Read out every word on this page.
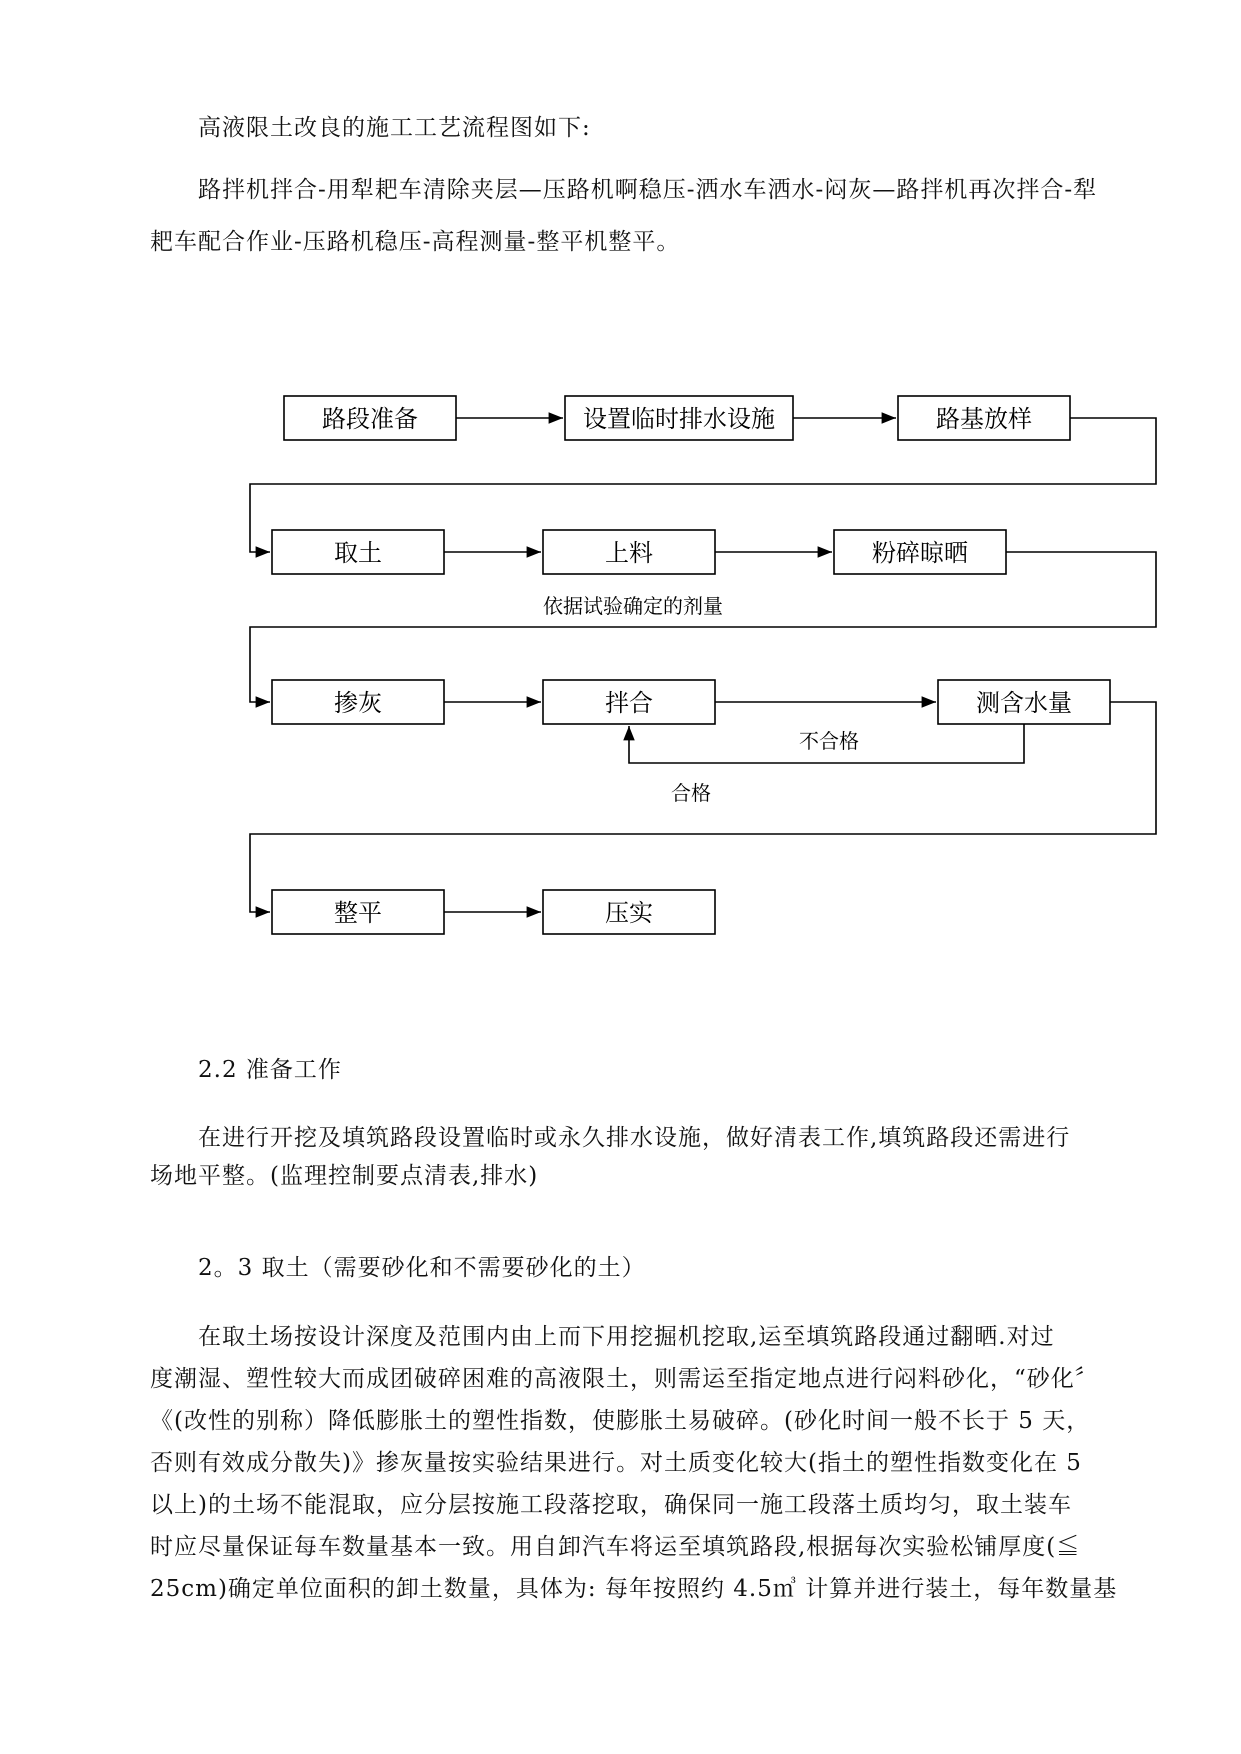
高液限土改良的施工工艺流程图如下:

路拌机拌合-用犁耙车清除夹层—压路机啊稳压-洒水车洒水-闷灰—路拌机再次拌合-犁
耙车配合作业-压路机稳压-高程测量-整平机整平。

路段准备	设置临时排水设施	路基放样
取土	上料	粉碎晾晒
掺灰	拌合	测含水量
整平	压实
依据试验确定的剂量
不合格
合格

2.2 准备工作

在进行开挖及填筑路段设置临时或永久排水设施，做好清表工作,填筑路段还需进行
场地平整。(监理控制要点清表,排水)

2。3 取土（需要砂化和不需要砂化的土）

在取土场按设计深度及范围内由上而下用挖掘机挖取,运至填筑路段通过翻晒.对过
度潮湿、塑性较大而成团破碎困难的高液限土，则需运至指定地点进行闷料砂化，“砂化〞
《(改性的别称）降低膨胀土的塑性指数，使膨胀土易破碎。(砂化时间一般不长于 5 天，
否则有效成分散失)》掺灰量按实验结果进行。对土质变化较大(指土的塑性指数变化在 5
以上)的土场不能混取，应分层按施工段落挖取，确保同一施工段落土质均匀，取土装车
时应尽量保证每车数量基本一致。用自卸汽车将运至填筑路段,根据每次实验松铺厚度(≦
25cm)确定单位面积的卸土数量，具体为: 每年按照约 4.5㎥ 计算并进行装土，每年数量基
